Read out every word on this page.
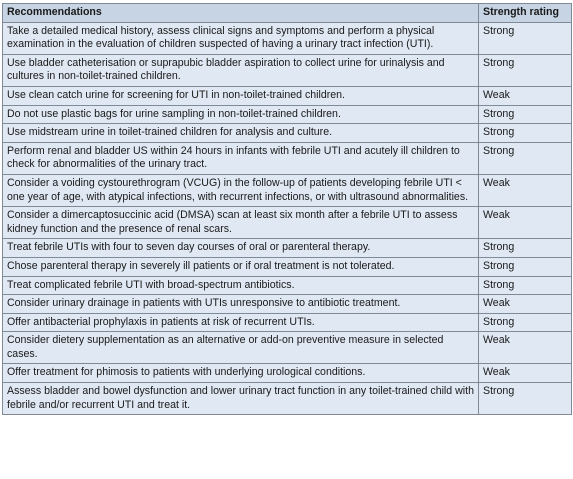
Recommendations	Strength rating
Take a detailed medical history, assess clinical signs and symptoms and perform a physical examination in the evaluation of children suspected of having a urinary tract infection (UTI).	Strong
Use bladder catheterisation or suprapubic bladder aspiration to collect urine for urinalysis and cultures in non-toilet-trained children.	Strong
Use clean catch urine for screening for UTI in non-toilet-trained children.	Weak
Do not use plastic bags for urine sampling in non-toilet-trained children.	Strong
Use midstream urine in toilet-trained children for analysis and culture.	Strong
Perform renal and bladder US within 24 hours in infants with febrile UTI and acutely ill children to check for abnormalities of the urinary tract.	Strong
Consider a voiding cystourethrogram (VCUG) in the follow-up of patients developing febrile UTI < one year of age, with atypical infections, with recurrent infections, or with ultrasound abnormalities.	Weak
Consider a dimercaptosuccinic acid (DMSA) scan at least six month after a febrile UTI to assess kidney function and the presence of renal scars.	Weak
Treat febrile UTIs with four to seven day courses of oral or parenteral therapy.	Strong
Chose parenteral therapy in severely ill patients or if oral treatment is not tolerated.	Strong
Treat complicated febrile UTI with broad-spectrum antibiotics.	Strong
Consider urinary drainage in patients with UTIs unresponsive to antibiotic treatment.	Weak
Offer antibacterial prophylaxis in patients at risk of recurrent UTIs.	Strong
Consider dietery supplementation as an alternative or add-on preventive measure in selected cases.	Weak
Offer treatment for phimosis to patients with underlying urological conditions.	Weak
Assess bladder and bowel dysfunction and lower urinary tract function in any toilet-trained child with febrile and/or recurrent UTI and treat it.	Strong
